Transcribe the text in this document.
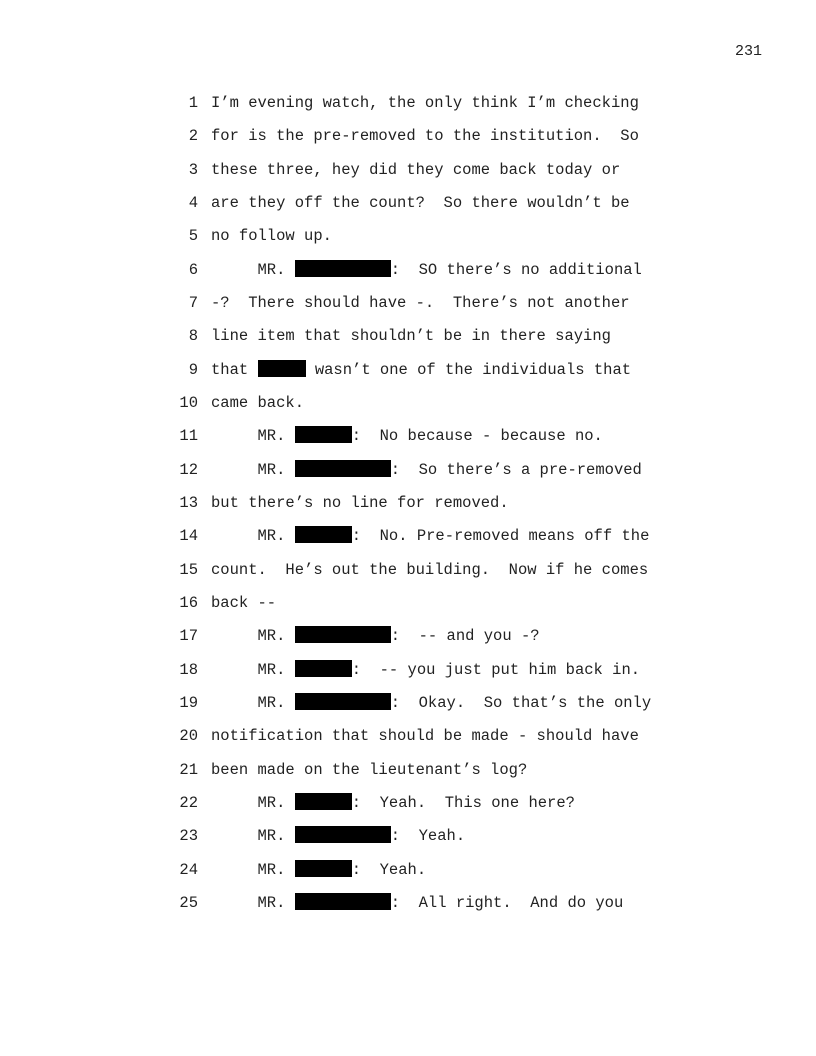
231
1 I’m evening watch, the only think I’m checking
2 for is the pre-removed to the institution.  So
3 these three, hey did they come back today or
4 are they off the count?  So there wouldn’t be
5 no follow up.
6 MR.	:  SO there’s no additional
7 -?  There should have -.  There’s not another
8 line item that shouldn’t be in there saying
9 that	wasn’t one of the individuals that
10 came back.
11 MR.	:  No because - because no.
12 MR.	:  So there’s a pre-removed
13 but there’s no line for removed.
14 MR.	:  No. Pre-removed means off the
15 count.  He’s out the building.  Now if he comes
16 back --
17 MR.	:  -- and you -?
18 MR.	:  -- you just put him back in.
19 MR.	:  Okay.  So that’s the only
20 notification that should be made - should have
21 been made on the lieutenant’s log?
22 MR.	:  Yeah.  This one here?
23 MR.	:  Yeah.
24 MR.	:  Yeah.
25 MR.	:  All right.  And do you
